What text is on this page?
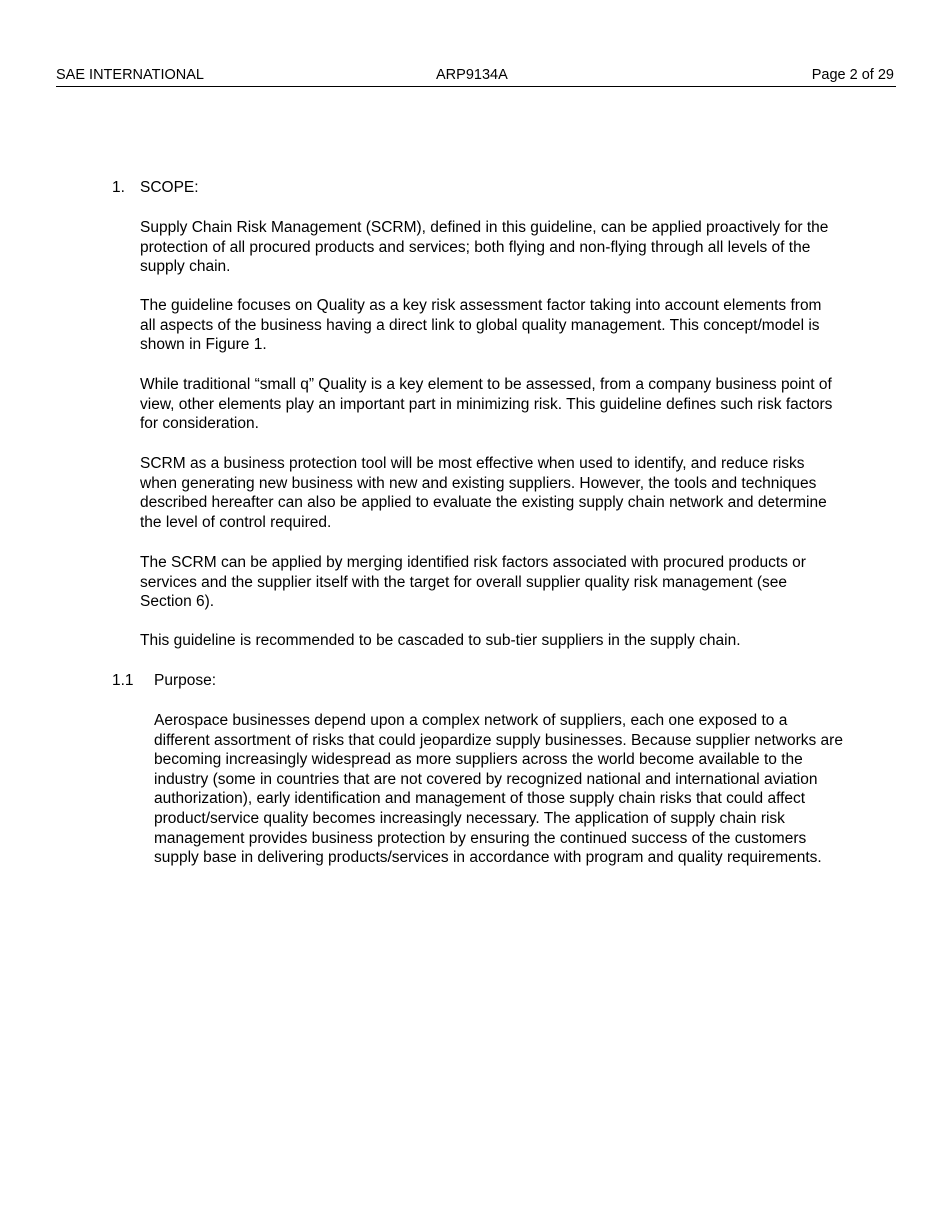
SAE INTERNATIONAL	ARP9134A	Page 2 of 29
1. SCOPE:

Supply Chain Risk Management (SCRM), defined in this guideline, can be applied proactively for the protection of all procured products and services; both flying and non-flying through all levels of the supply chain.

The guideline focuses on Quality as a key risk assessment factor taking into account elements from all aspects of the business having a direct link to global quality management. This concept/model is shown in Figure 1.

While traditional “small q” Quality is a key element to be assessed, from a company business point of view, other elements play an important part in minimizing risk. This guideline defines such risk factors for consideration.

SCRM as a business protection tool will be most effective when used to identify, and reduce risks when generating new business with new and existing suppliers. However, the tools and techniques described hereafter can also be applied to evaluate the existing supply chain network and determine the level of control required.

The SCRM can be applied by merging identified risk factors associated with procured products or services and the supplier itself with the target for overall supplier quality risk management (see Section 6).

This guideline is recommended to be cascaded to sub-tier suppliers in the supply chain.

1.1 Purpose:

Aerospace businesses depend upon a complex network of suppliers, each one exposed to a different assortment of risks that could jeopardize supply businesses. Because supplier networks are becoming increasingly widespread as more suppliers across the world become available to the industry (some in countries that are not covered by recognized national and international aviation authorization), early identification and management of those supply chain risks that could affect product/service quality becomes increasingly necessary. The application of supply chain risk management provides business protection by ensuring the continued success of the customers supply base in delivering products/services in accordance with program and quality requirements.
